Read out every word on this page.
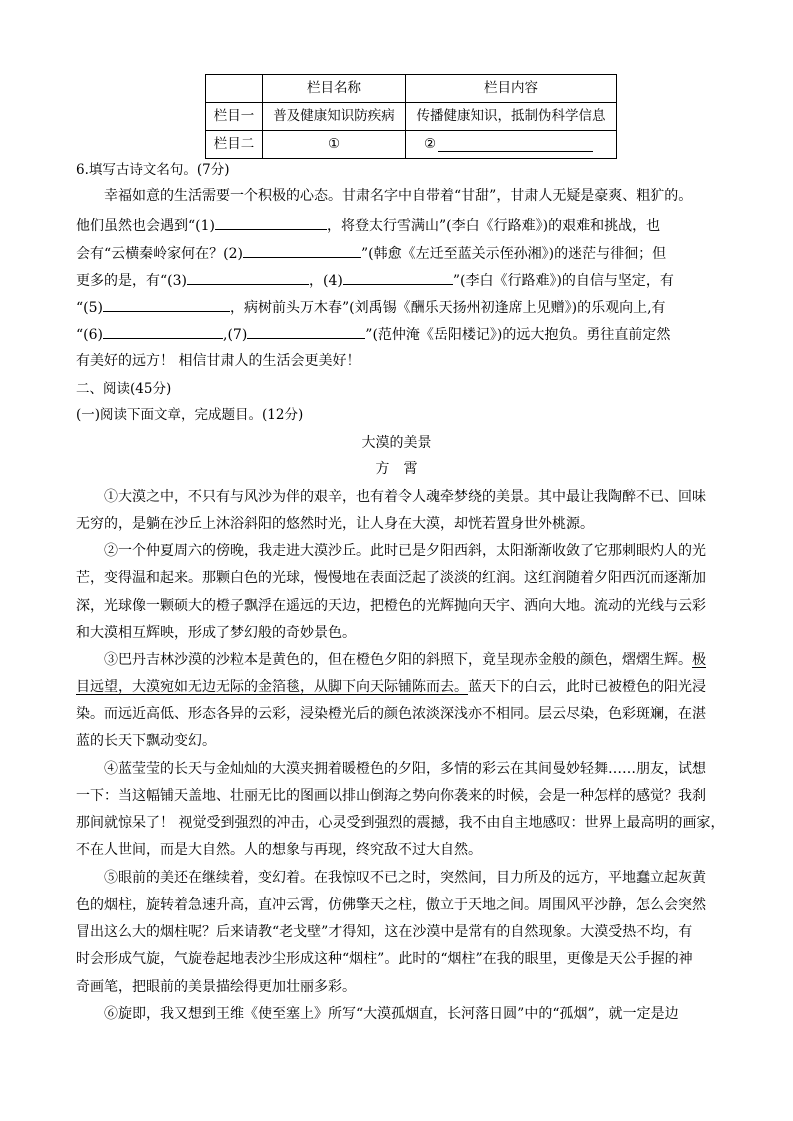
	栏目名称	栏目内容
栏目一	普及健康知识防疾病	传播健康知识，抵制伪科学信息
栏目二	①	②
6.填写古诗文名句。(7分)
幸福如意的生活需要一个积极的心态。甘肃名字中自带着“甘甜”，甘肃人无疑是豪爽、粗犷的。
他们虽然也会遇到“(1)	，将登太行雪满山”(李白《行路难》)的艰难和挑战，也
会有“云横秦岭家何在？(2)	”(韩愈《左迁至蓝关示侄孙湘》)的迷茫与徘徊；但
更多的是，有“(3)	，(4)	”(李白《行路难》)的自信与坚定，有
“(5)	，病树前头万木春”(刘禹锡《酬乐天扬州初逢席上见赠》)的乐观向上,有
“(6)	,(7)	”(范仲淹《岳阳楼记》)的远大抱负。勇往直前定然
有美好的远方！ 相信甘肃人的生活会更美好！
二、阅读(45分)
(一)阅读下面文章，完成题目。(12分)
大漠的美景
方　霄
①大漠之中，不只有与风沙为伴的艰辛，也有着令人魂牵梦绕的美景。其中最让我陶醉不已、回味
无穷的，是躺在沙丘上沐浴斜阳的悠然时光，让人身在大漠，却恍若置身世外桃源。
②一个仲夏周六的傍晚，我走进大漠沙丘。此时已是夕阳西斜，太阳渐渐收敛了它那刺眼灼人的光
芒，变得温和起来。那颗白色的光球，慢慢地在表面泛起了淡淡的红润。这红润随着夕阳西沉而逐渐加
深，光球像一颗硕大的橙子飘浮在遥远的天边，把橙色的光辉抛向天宇、洒向大地。流动的光线与云彩
和大漠相互辉映，形成了梦幻般的奇妙景色。
③巴丹吉林沙漠的沙粒本是黄色的，但在橙色夕阳的斜照下，竟呈现赤金般的颜色，熠熠生辉。极
目远望，大漠宛如无边无际的金箔毯，从脚下向天际铺陈而去。蓝天下的白云，此时已被橙色的阳光浸
染。而远近高低、形态各异的云彩，浸染橙光后的颜色浓淡深浅亦不相同。层云尽染，色彩斑斓，在湛
蓝的长天下飘动变幻。
④蓝莹莹的长天与金灿灿的大漠夹拥着暖橙色的夕阳，多情的彩云在其间曼妙轻舞……朋友，试想
一下：当这幅铺天盖地、壮丽无比的图画以排山倒海之势向你袭来的时候，会是一种怎样的感觉？我刹
那间就惊呆了！ 视觉受到强烈的冲击，心灵受到强烈的震撼，我不由自主地感叹：世界上最高明的画家，
不在人世间，而是大自然。人的想象与再现，终究敌不过大自然。
⑤眼前的美还在继续着，变幻着。在我惊叹不已之时，突然间，目力所及的远方，平地蠢立起灰黄
色的烟柱，旋转着急速升高，直冲云霄，仿佛擎天之柱，傲立于天地之间。周围风平沙静，怎么会突然
冒出这么大的烟柱呢？后来请教“老戈壁”才得知，这在沙漠中是常有的自然现象。大漠受热不均，有
时会形成气旋，气旋卷起地表沙尘形成这种“烟柱”。此时的“烟柱”在我的眼里，更像是天公手握的神
奇画笔，把眼前的美景描绘得更加壮丽多彩。
⑥旋即，我又想到王维《使至塞上》所写“大漠孤烟直，长河落日圆”中的“孤烟”，就一定是边
